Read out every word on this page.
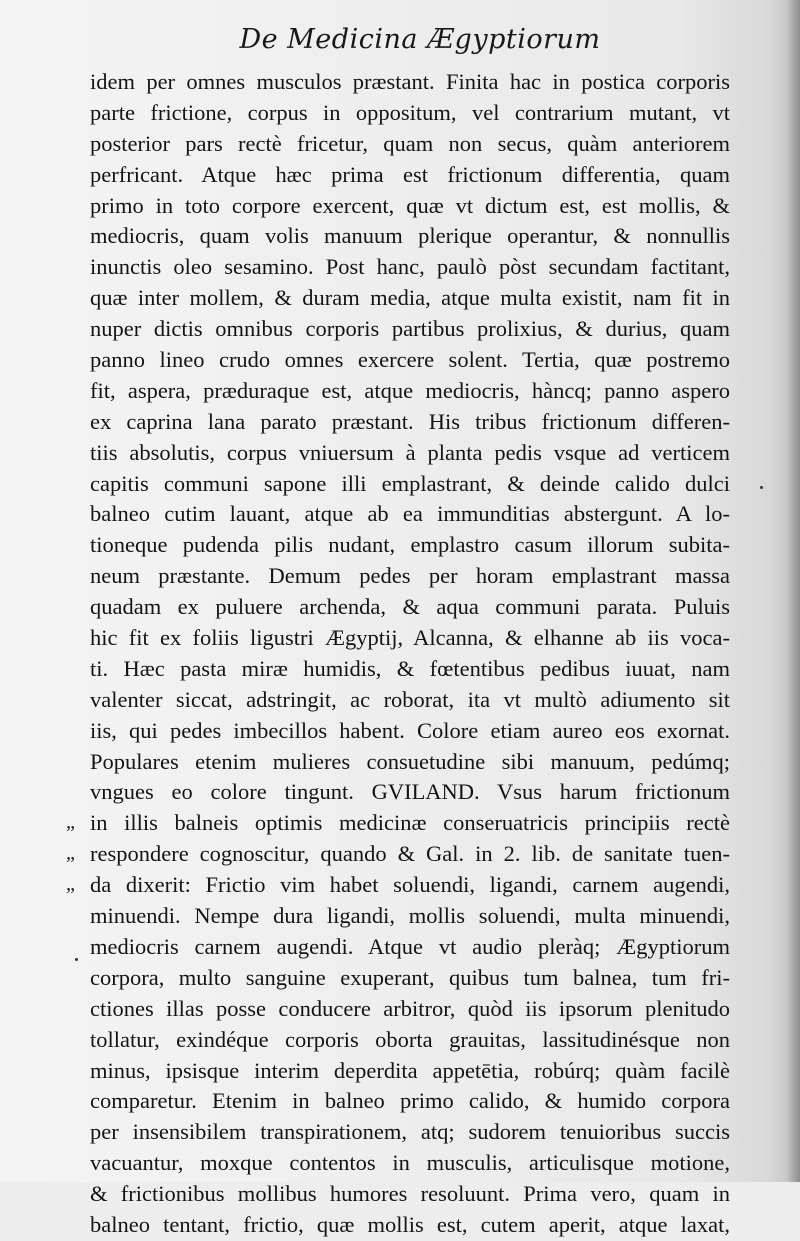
De Medicina Ægyptiorum
„
„
„
idem per omnes musculos præstant. Finita hac in postica corporis
parte frictione, corpus in oppositum, vel contrarium mutant, vt
posterior pars rectè fricetur, quam non secus, quàm anteriorem
perfricant. Atque hæc prima est frictionum differentia, quam
primo in toto corpore exercent, quæ vt dictum est, est mollis, &
mediocris, quam volis manuum plerique operantur, & nonnullis
inunctis oleo sesamino. Post hanc, paulò pòst secundam factitant,
quæ inter mollem, & duram media, atque multa existit, nam fit in
nuper dictis omnibus corporis partibus prolixius, & durius, quam
panno lineo crudo omnes exercere solent. Tertia, quæ postremo
fit, aspera, præduraque est, atque mediocris, hàncq; panno aspero
ex caprina lana parato præstant. His tribus frictionum differen-
tiis absolutis, corpus vniuersum à planta pedis vsque ad verticem
capitis communi sapone illi emplastrant, & deinde calido dulci
balneo cutim lauant, atque ab ea immunditias abstergunt. A lo-
tioneque pudenda pilis nudant, emplastro casum illorum subita-
neum præstante. Demum pedes per horam emplastrant massa
quadam ex puluere archenda, & aqua communi parata. Puluis
hic fit ex foliis ligustri Ægyptij, Alcanna, & elhanne ab iis voca-
ti. Hæc pasta miræ humidis, & fœtentibus pedibus iuuat, nam
valenter siccat, adstringit, ac roborat, ita vt multò adiumento sit
iis, qui pedes imbecillos habent. Colore etiam aureo eos exornat.
Populares etenim mulieres consuetudine sibi manuum, pedúmq;
vngues eo colore tingunt. GVILAND. Vsus harum frictionum
in illis balneis optimis medicinæ conseruatricis principiis rectè
respondere cognoscitur, quando & Gal. in 2. lib. de sanitate tuen-
da dixerit: Frictio vim habet soluendi, ligandi, carnem augendi,
minuendi. Nempe dura ligandi, mollis soluendi, multa minuendi,
mediocris carnem augendi. Atque vt audio pleràq; Ægyptiorum
corpora, multo sanguine exuperant, quibus tum balnea, tum fri-
ctiones illas posse conducere arbitror, quòd iis ipsorum plenitudo
tollatur, exindéque corporis oborta grauitas, lassitudinésque non
minus, ipsisque interim deperdita appetētia, robúrq; quàm facilè
comparetur. Etenim in balneo primo calido, & humido corpora
per insensibilem transpirationem, atq; sudorem tenuioribus succis
vacuantur, moxque contentos in musculis, articulisque motione,
& frictionibus mollibus humores resoluunt. Prima vero, quam in
balneo tentant, frictio, quæ mollis est, cutem aperit, atque laxat,
